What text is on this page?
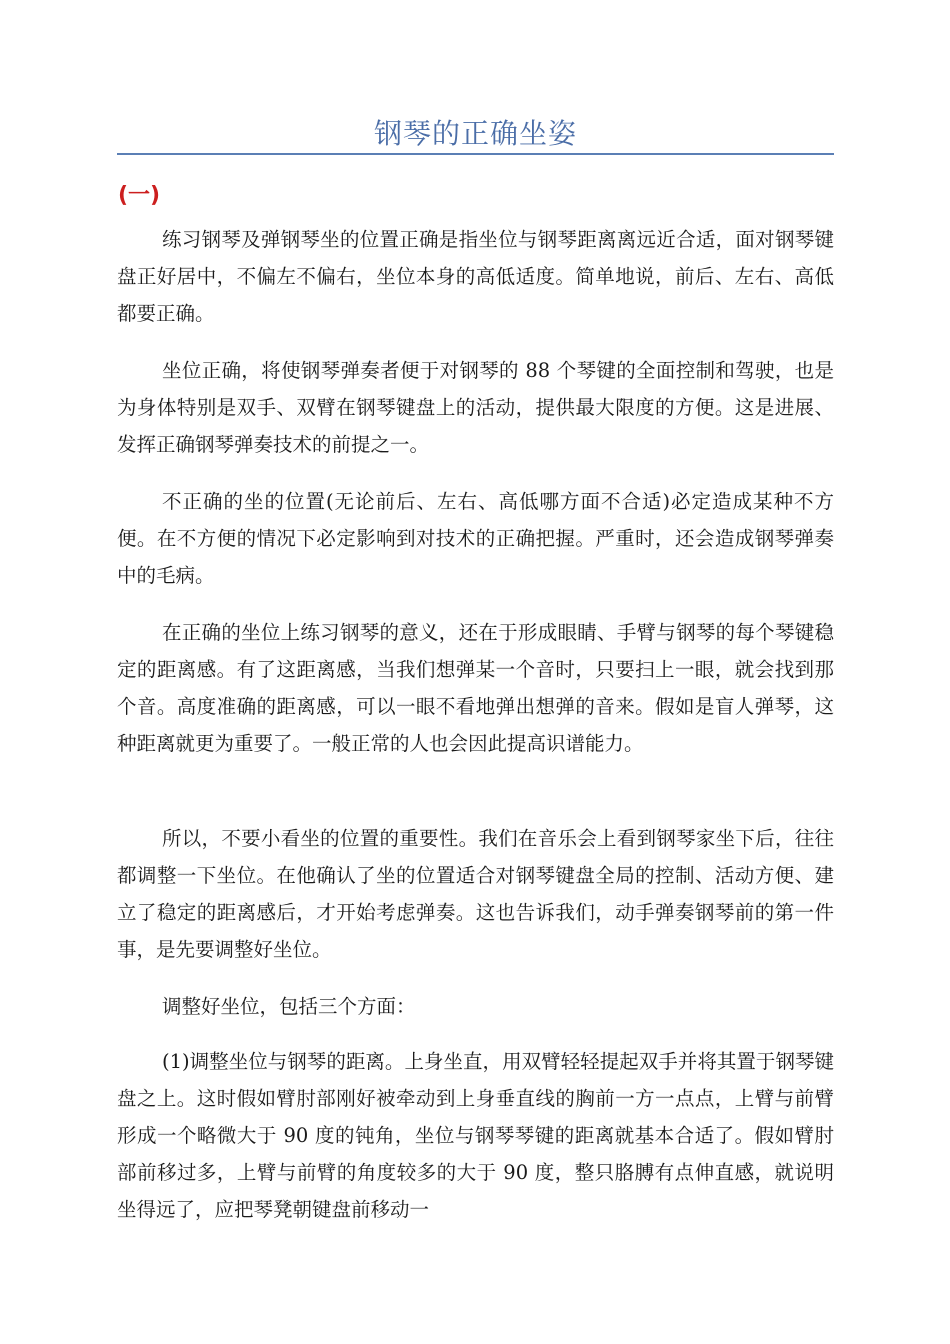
钢琴的正确坐姿
(一)

练习钢琴及弹钢琴坐的位置正确是指坐位与钢琴距离离远近合适，面对钢琴键盘正好居中，不偏左不偏右，坐位本身的高低适度。简单地说，前后、左右、高低都要正确。

坐位正确，将使钢琴弹奏者便于对钢琴的 88 个琴键的全面控制和驾驶，也是为身体特别是双手、双臂在钢琴键盘上的活动，提供最大限度的方便。这是进展、发挥正确钢琴弹奏技术的前提之一。

不正确的坐的位置(无论前后、左右、高低哪方面不合适)必定造成某种不方便。在不方便的情况下必定影响到对技术的正确把握。严重时，还会造成钢琴弹奏中的毛病。

在正确的坐位上练习钢琴的意义，还在于形成眼睛、手臂与钢琴的每个琴键稳定的距离感。有了这距离感，当我们想弹某一个音时，只要扫上一眼，就会找到那个音。高度准确的距离感，可以一眼不看地弹出想弹的音来。假如是盲人弹琴，这种距离就更为重要了。一般正常的人也会因此提高识谱能力。

所以，不要小看坐的位置的重要性。我们在音乐会上看到钢琴家坐下后，往往都调整一下坐位。在他确认了坐的位置适合对钢琴键盘全局的控制、活动方便、建立了稳定的距离感后，才开始考虑弹奏。这也告诉我们，动手弹奏钢琴前的第一件事，是先要调整好坐位。

调整好坐位，包括三个方面：

(1)调整坐位与钢琴的距离。上身坐直，用双臂轻轻提起双手并将其置于钢琴键盘之上。这时假如臂肘部刚好被牵动到上身垂直线的胸前一方一点点，上臂与前臂形成一个略微大于 90 度的钝角，坐位与钢琴琴键的距离就基本合适了。假如臂肘部前移过多，上臂与前臂的角度较多的大于 90 度，整只胳膊有点伸直感，就说明坐得远了，应把琴凳朝键盘前移动一
